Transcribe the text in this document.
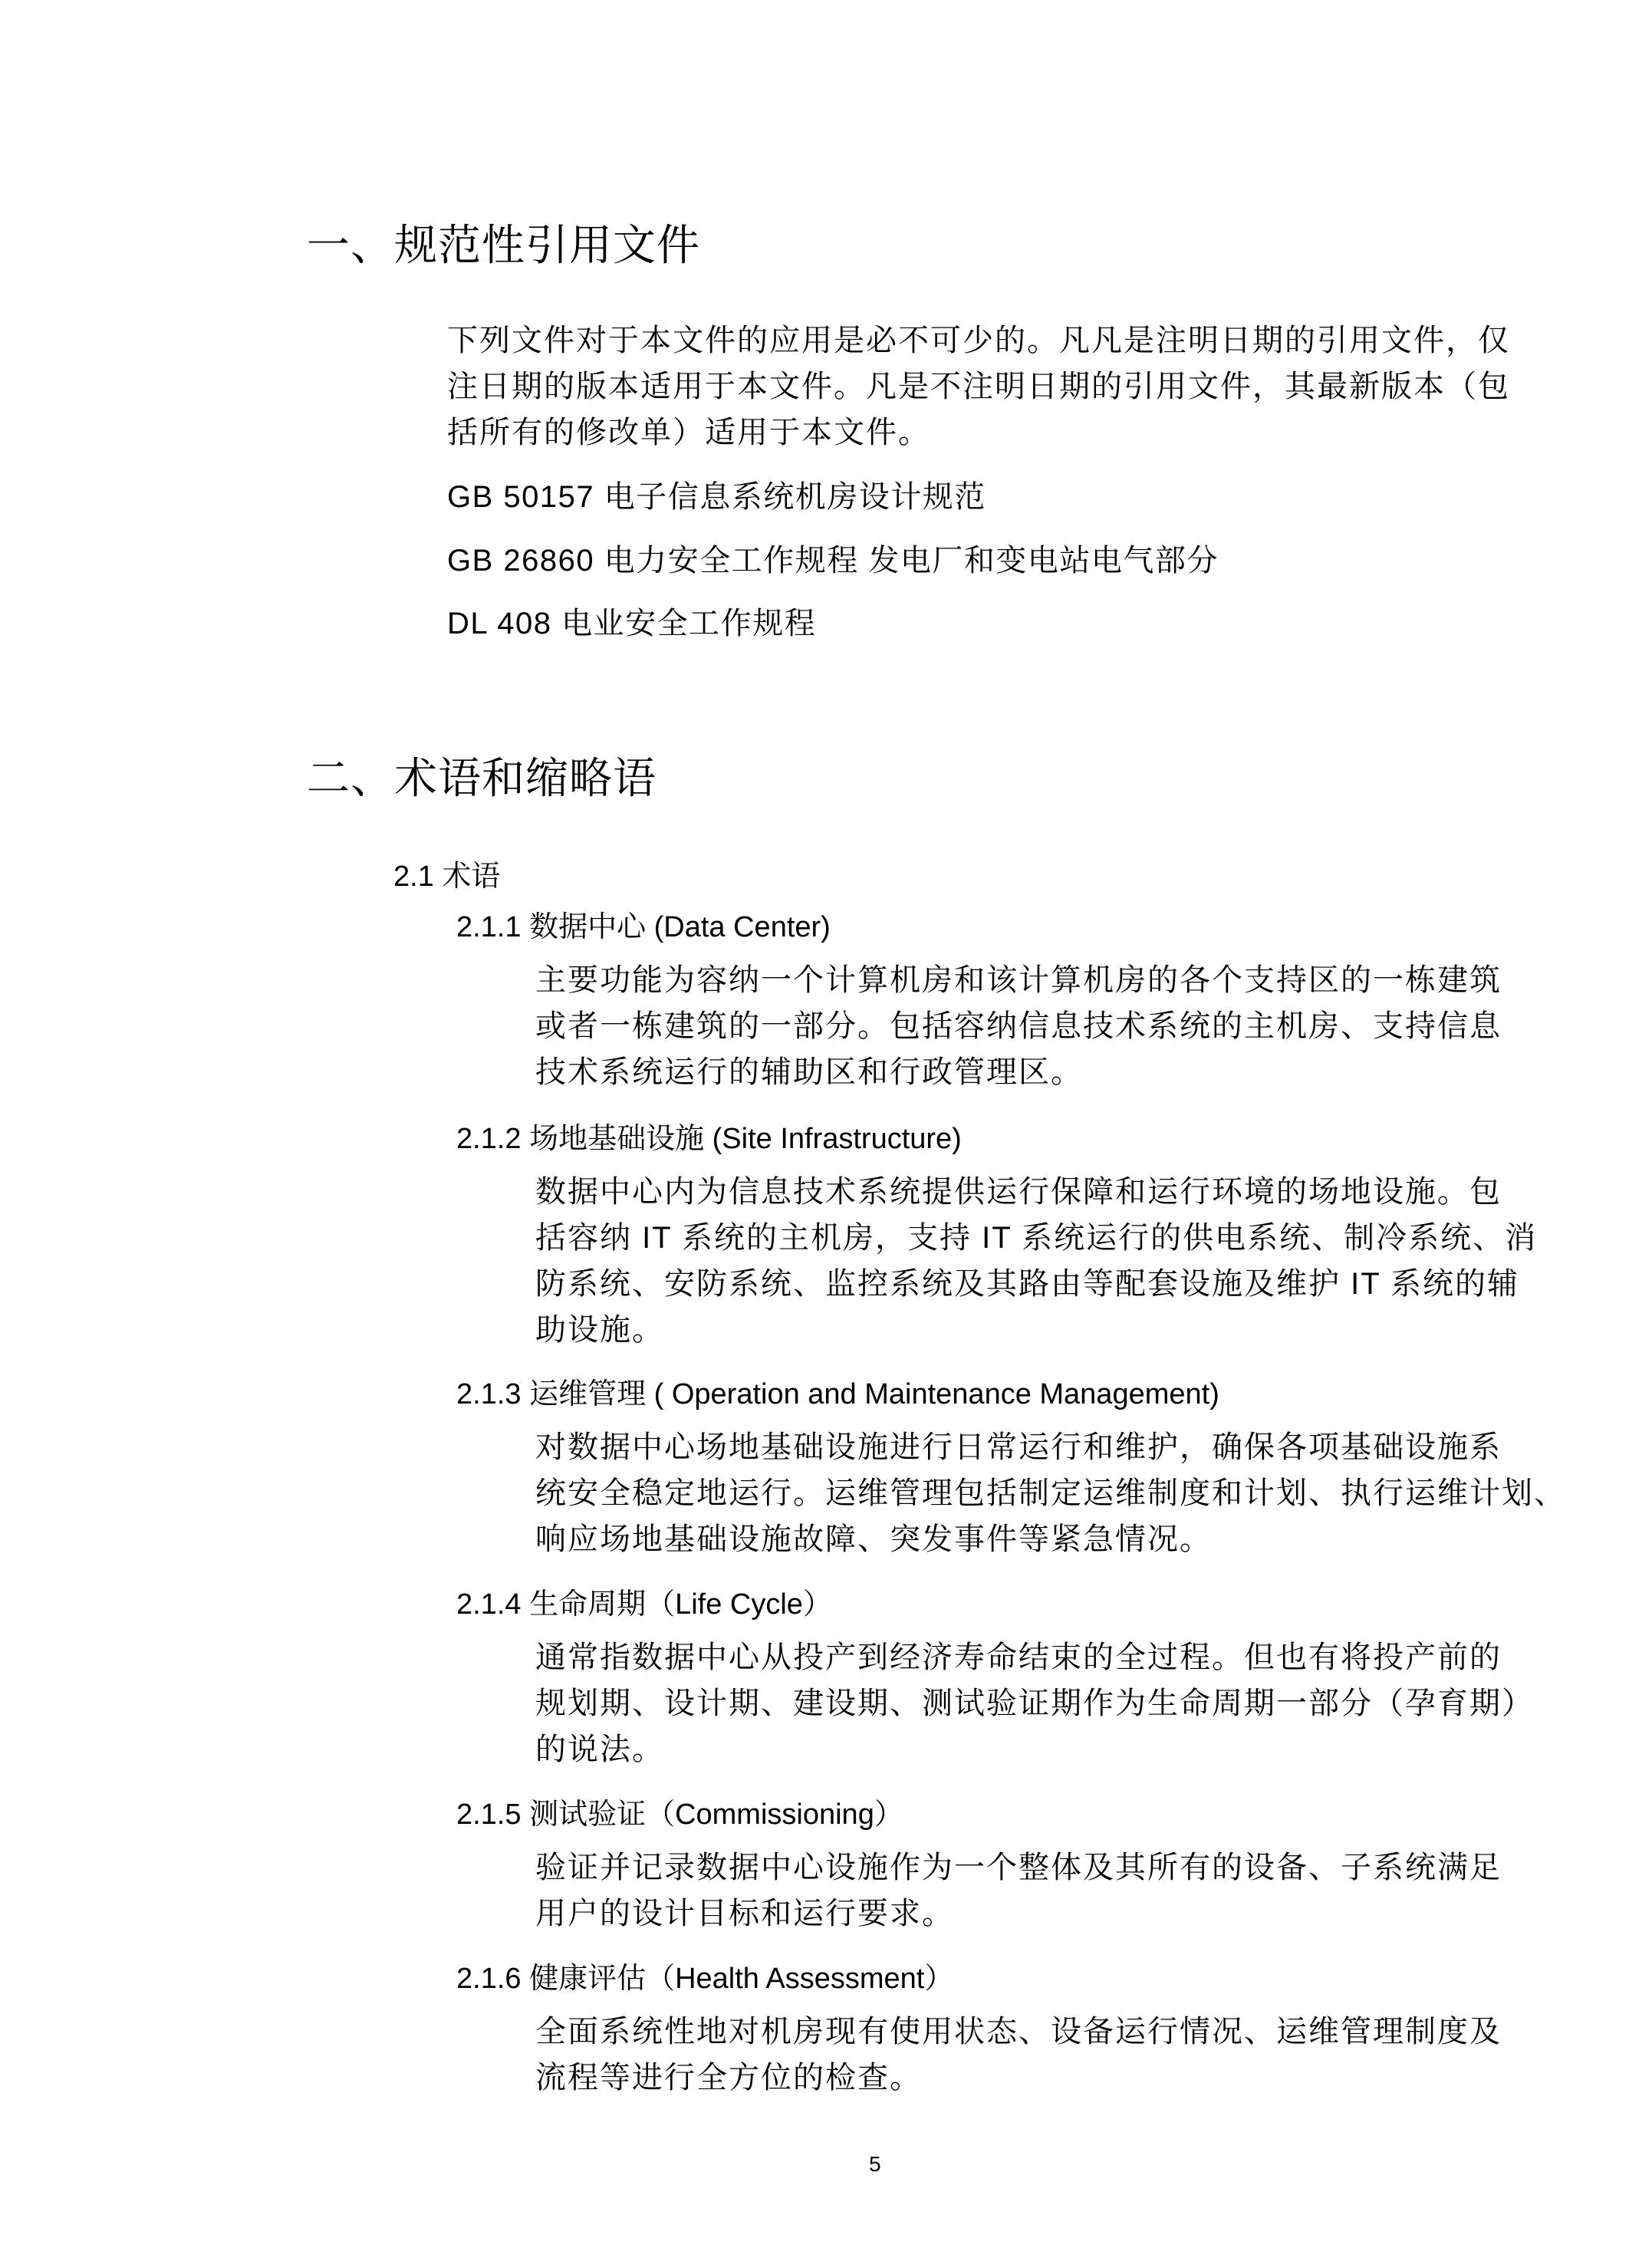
一、规范性引用文件
下列文件对于本文件的应用是必不可少的。凡凡是注明日期的引用文件，仅
注日期的版本适用于本文件。凡是不注明日期的引用文件，其最新版本（包
括所有的修改单）适用于本文件。
GB 50157 电子信息系统机房设计规范
GB 26860 电力安全工作规程 发电厂和变电站电气部分
DL 408 电业安全工作规程
二、术语和缩略语
2.1 术语
2.1.1 数据中心 (Data Center)
主要功能为容纳一个计算机房和该计算机房的各个支持区的一栋建筑
或者一栋建筑的一部分。包括容纳信息技术系统的主机房、支持信息
技术系统运行的辅助区和行政管理区。
2.1.2 场地基础设施 (Site Infrastructure)
数据中心内为信息技术系统提供运行保障和运行环境的场地设施。包
括容纳 IT 系统的主机房，支持 IT 系统运行的供电系统、制冷系统、消
防系统、安防系统、监控系统及其路由等配套设施及维护 IT 系统的辅
助设施。
2.1.3 运维管理 ( Operation and Maintenance Management)
对数据中心场地基础设施进行日常运行和维护，确保各项基础设施系
统安全稳定地运行。运维管理包括制定运维制度和计划、执行运维计划、
响应场地基础设施故障、突发事件等紧急情况。
2.1.4 生命周期（Life Cycle）
通常指数据中心从投产到经济寿命结束的全过程。但也有将投产前的
规划期、设计期、建设期、测试验证期作为生命周期一部分（孕育期）
的说法。
2.1.5 测试验证（Commissioning）
验证并记录数据中心设施作为一个整体及其所有的设备、子系统满足
用户的设计目标和运行要求。
2.1.6 健康评估（Health Assessment）
全面系统性地对机房现有使用状态、设备运行情况、运维管理制度及
流程等进行全方位的检查。
5
